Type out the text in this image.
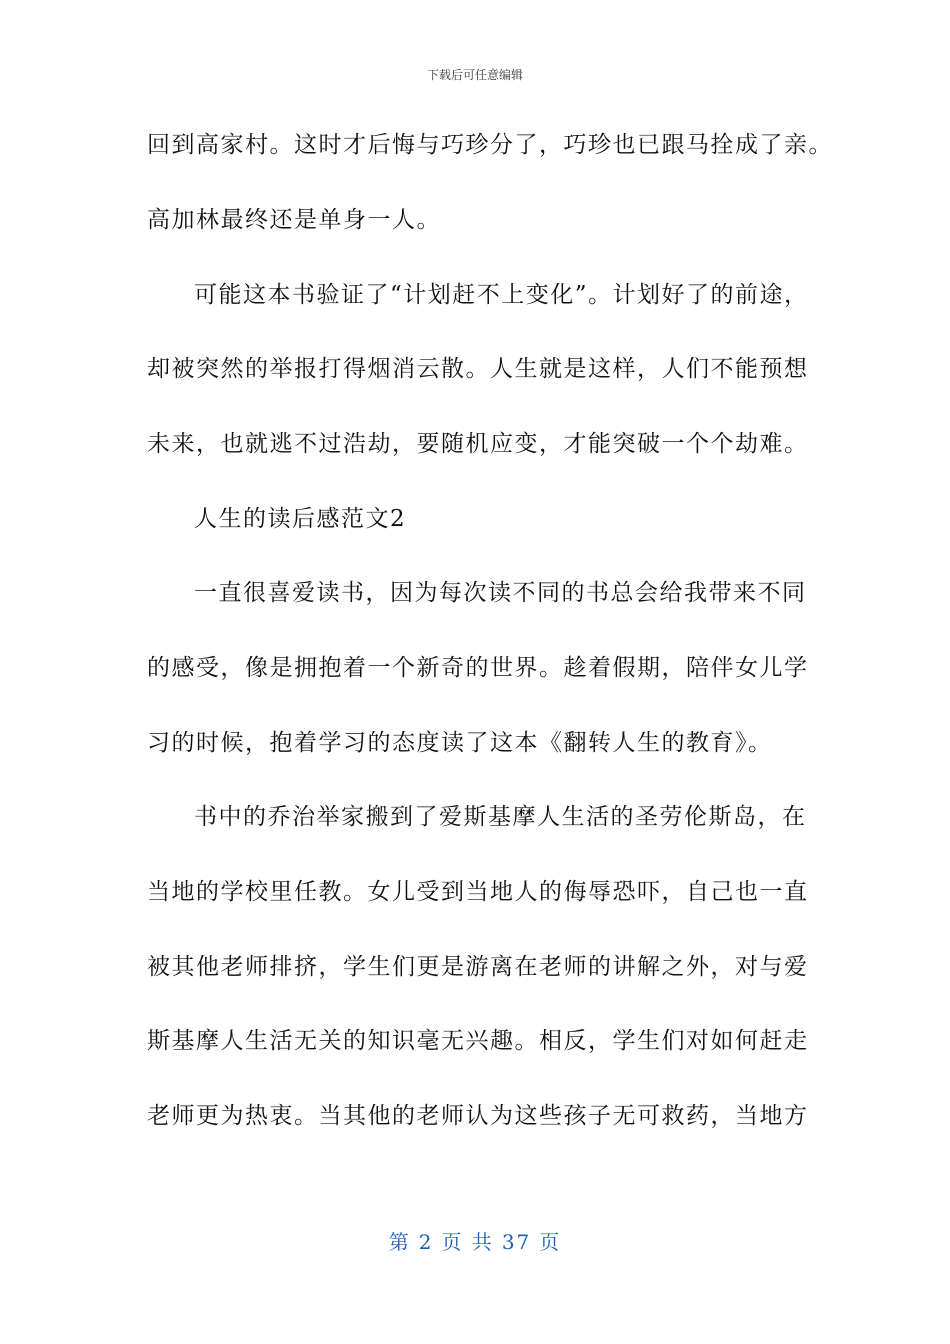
下载后可任意编辑
回到高家村。这时才后悔与巧珍分了，巧珍也已跟马拴成了亲。
高加林最终还是单身一人。
可能这本书验证了“计划赶不上变化”。计划好了的前途，
却被突然的举报打得烟消云散。人生就是这样，人们不能预想
未来，也就逃不过浩劫，要随机应变，才能突破一个个劫难。
人生的读后感范文2
一直很喜爱读书，因为每次读不同的书总会给我带来不同
的感受，像是拥抱着一个新奇的世界。趁着假期，陪伴女儿学
习的时候，抱着学习的态度读了这本《翻转人生的教育》。
书中的乔治举家搬到了爱斯基摩人生活的圣劳伦斯岛，在
当地的学校里任教。女儿受到当地人的侮辱恐吓，自己也一直
被其他老师排挤，学生们更是游离在老师的讲解之外，对与爱
斯基摩人生活无关的知识毫无兴趣。相反，学生们对如何赶走
老师更为热衷。当其他的老师认为这些孩子无可救药，当地方
第 2 页 共 37 页
